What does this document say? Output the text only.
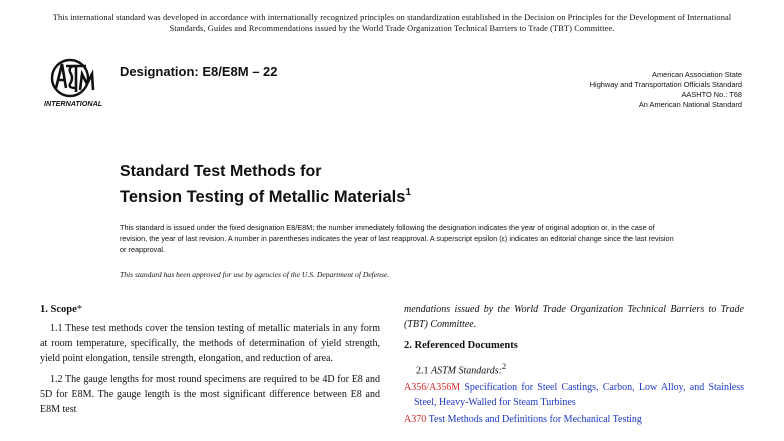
This international standard was developed in accordance with internationally recognized principles on standardization established in the Decision on Principles for the Development of International Standards, Guides and Recommendations issued by the World Trade Organization Technical Barriers to Trade (TBT) Committee.
INTERNATIONAL
Designation: E8/E8M – 22	American Association State
Highway and Transportation Officials Standard
AASHTO No.: T68
An American National Standard
Standard Test Methods for
Tension Testing of Metallic Materials$^1$
This standard is issued under the fixed designation E8/E8M; the number immediately following the designation indicates the year of original adoption or, in the case of revision, the year of last revision. A number in parentheses indicates the year of last reapproval. A superscript epsilon (ε) indicates an editorial change since the last revision or reapproval.
This standard has been approved for use by agencies of the U.S. Department of Defense.
1. Scope*

1.1 These test methods cover the tension testing of metallic materials in any form at room temperature, specifically, the methods of determination of yield strength, yield point elongation, tensile strength, elongation, and reduction of area.

1.2 The gauge lengths for most round specimens are required to be 4D for E8 and 5D for E8M. The gauge length is the most significant difference between E8 and E8M test

mendations issued by the World Trade Organization Technical Barriers to Trade (TBT) Committee.

2. Referenced Documents
2.1 ASTM Standards:$^2$

A356/A356M Specification for Steel Castings, Carbon, Low Alloy, and Stainless Steel, Heavy-Walled for Steam Turbines

A370 Test Methods and Definitions for Mechanical Testing
